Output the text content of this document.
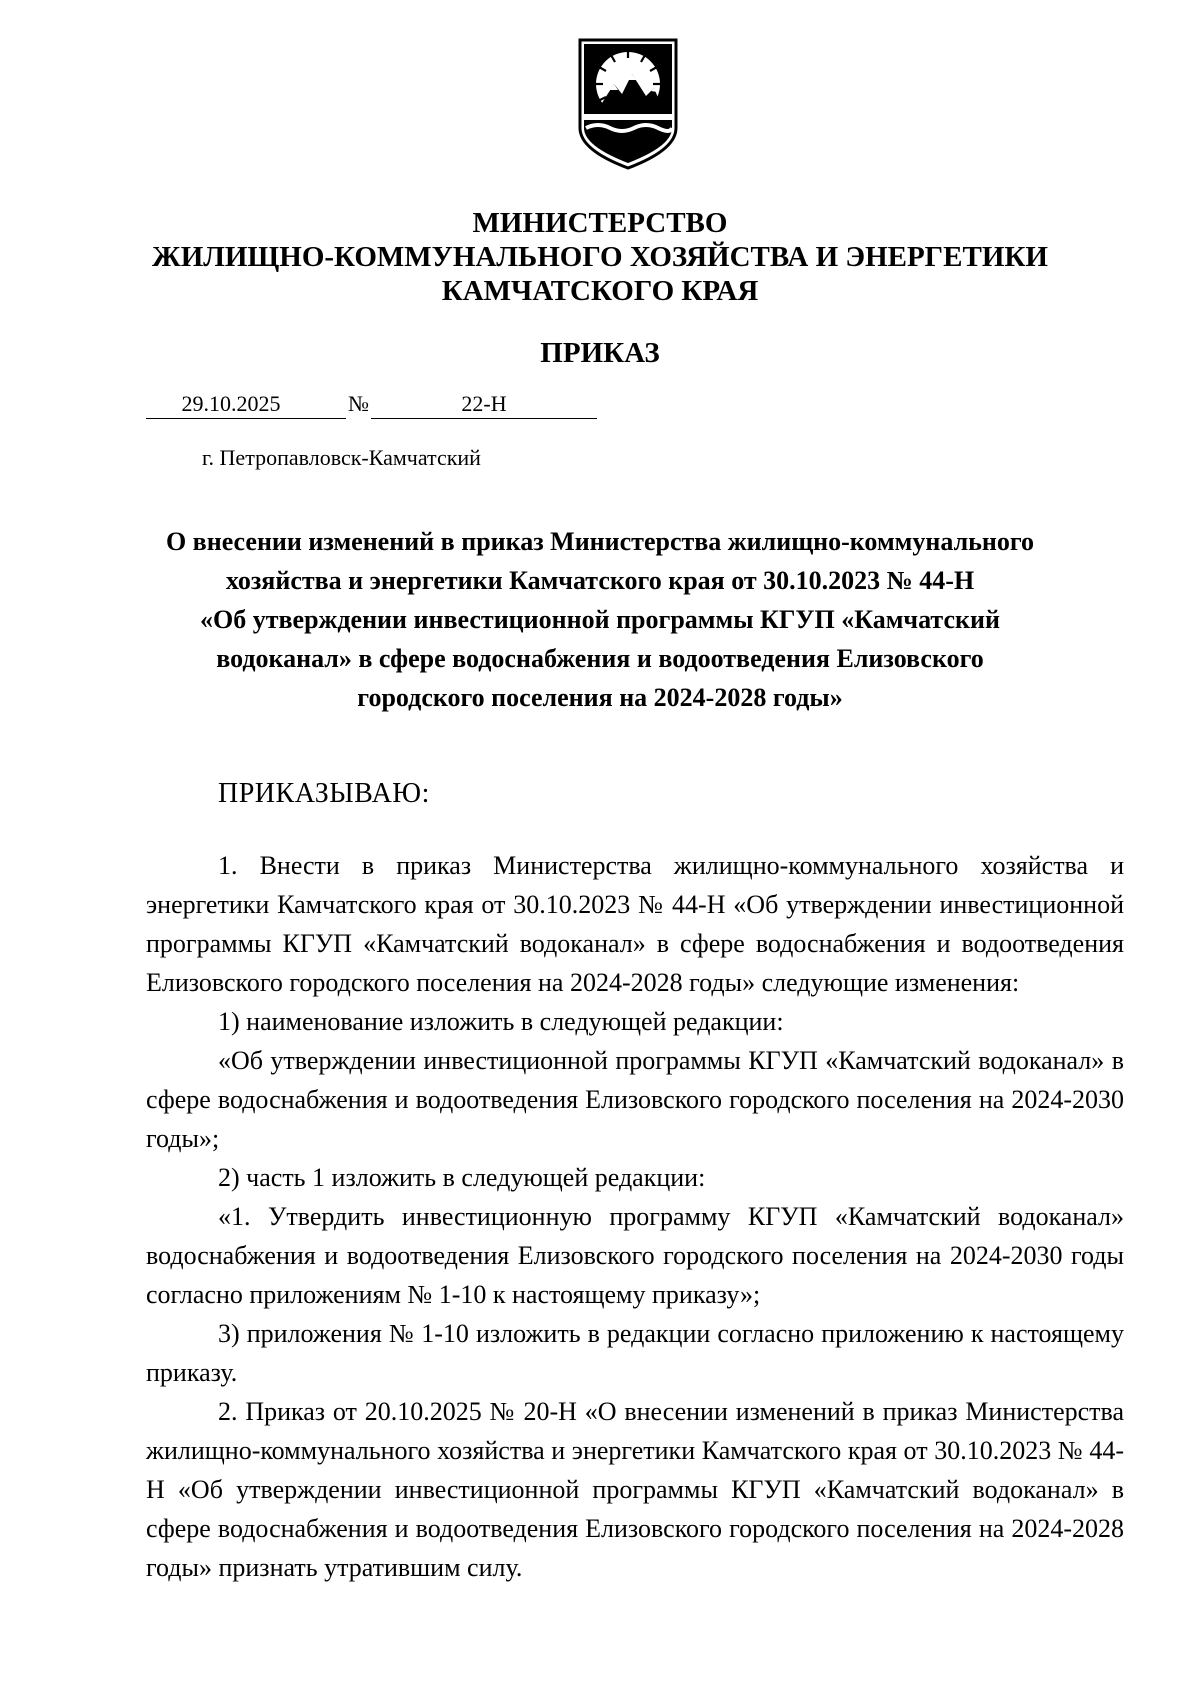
МИНИСТЕРСТВО
ЖИЛИЩНО-КОММУНАЛЬНОГО ХОЗЯЙСТВА И ЭНЕРГЕТИКИ
КАМЧАТСКОГО КРАЯ
ПРИКАЗ
29.10.2025	№	22-Н
г. Петропавловск-Камчатский
О внесении изменений в приказ Министерства жилищно-коммунального
хозяйства и энергетики Камчатского края от 30.10.2023 № 44-Н
«Об утверждении инвестиционной программы КГУП «Камчатский
водоканал» в сфере водоснабжения и водоотведения Елизовского
городского поселения на 2024-2028 годы»
ПРИКАЗЫВАЮ:

1. Внести в приказ Министерства жилищно-коммунального хозяйства и энергетики Камчатского края от 30.10.2023 № 44-Н «Об утверждении инвестиционной программы КГУП «Камчатский водоканал» в сфере водоснабжения и водоотведения Елизовского городского поселения на 2024-2028 годы» следующие изменения:

1) наименование изложить в следующей редакции:

«Об утверждении инвестиционной программы КГУП «Камчатский водоканал» в сфере водоснабжения и водоотведения Елизовского городского поселения на 2024-2030 годы»;

2) часть 1 изложить в следующей редакции:

«1. Утвердить инвестиционную программу КГУП «Камчатский водоканал» водоснабжения и водоотведения Елизовского городского поселения на 2024-2030 годы согласно приложениям № 1-10 к настоящему приказу»;

3) приложения № 1-10 изложить в редакции согласно приложению к настоящему приказу.

2. Приказ от 20.10.2025 № 20-Н «О внесении изменений в приказ Министерства жилищно-коммунального хозяйства и энергетики Камчатского края от 30.10.2023 № 44-Н «Об утверждении инвестиционной программы КГУП «Камчатский водоканал» в сфере водоснабжения и водоотведения Елизовского городского поселения на 2024-2028 годы» признать утратившим силу.
